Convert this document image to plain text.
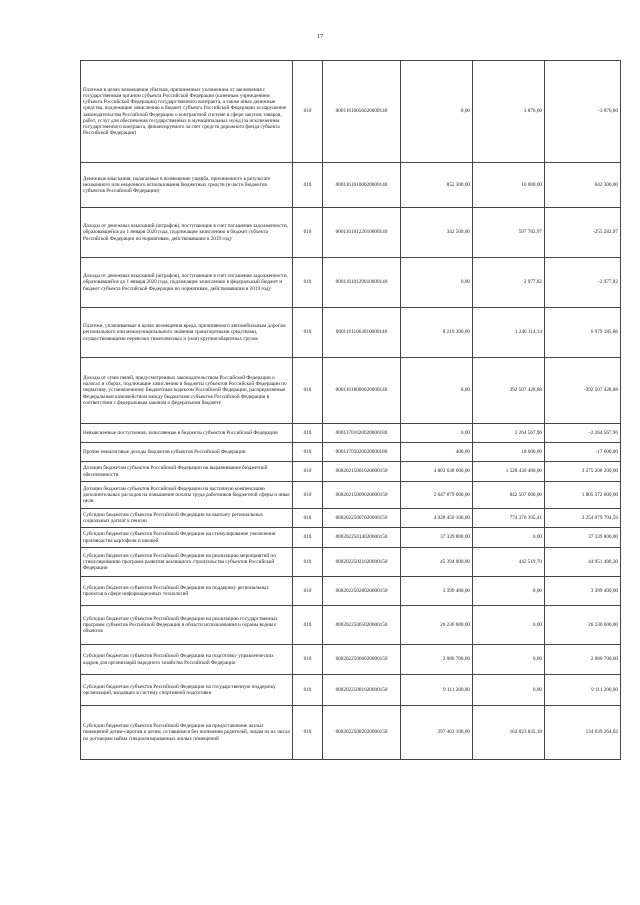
17
Платежи в целях возмещения убытков, причиненных уклонением от заключения с государственным органом субъекта Российской Федерации (казенным учреждением субъекта Российской Федерации) государственного контракта, а также иные денежные средства, подлежащие зачислению в бюджет субъекта Российской Федерации за нарушение законодательства Российской Федерации о контрактной системе в сфере закупок товаров, работ, услуг для обеспечения государственных и муниципальных нужд (за исключением государственного контракта, финансируемого за счет средств дорожного фонда субъекта Российской Федерации)	010	00011610056020000140	0,00	3 876,60	-3 876,60
Денежные взыскания, налагаемые в возмещение ущерба, причиненного в результате незаконного или нецелевого использования бюджетных средств (в части бюджетов субъектов Российской Федерации)	010	00011610100020000140	852 300,00	10 000,00	842 300,00
Доходы от денежных взысканий (штрафов), поступающие в счет погашения задолженности, образовавшейся до 1 января 2020 года, подлежащие зачислению в бюджет субъекта Российской Федерации по нормативам, действовавшим в 2019 году	010	00011610122010000140	342 500,00	597 782,97	-255 282,97
Доходы от денежных взысканий (штрафов), поступающие в счет погашения задолженности, образовавшейся до 1 января 2020 года, подлежащие зачислению в федеральный бюджет и бюджет субъекта Российской Федерации по нормативам, действовавшим в 2019 году	010	00011610129010000140	0,00	2 977,82	-2 977,82
Платежи, уплачиваемые в целях возмещения вреда, причиняемого автомобильным дорогам регионального или межмуниципального значения транспортными средствами, осуществляющими перевозки тяжеловесных и (или) крупногабаритных грузов	010	00011611063010000140	8 219 300,00	1 240 114,14	6 979 185,86
Доходы от сумм пеней, предусмотренных законодательством Российской Федерации о налогах и сборах, подлежащие зачислению в бюджеты субъектов Российской Федерации по нормативу, установленному Бюджетным кодексом Российской Федерации, распределяемые Федеральным казначейством между бюджетами субъектов Российской Федерации в соответствии с федеральным законом о федеральном бюджете	010	00011618000020000140	0,00	392 507 428,88	-392 507 428,88
Невыясненные поступления, зачисляемые в бюджеты субъектов Российской Федерации	010	00011701020020000180	0,00	2 264 567,96	-2 264 567,96
Прочие неналоговые доходы бюджетов субъектов Российской Федерации	010	00011705020020000180	400,00	18 000,00	-17 600,00
Дотации бюджетам субъектов Российской Федерации на выравнивание бюджетной обеспеченности	010	00020215001020000150	4 803 638 600,00	1 528 430 400,00	3 275 208 200,00
Дотации бюджетам субъектов Российской Федерации на частичную компенсацию дополнительных расходов на повышение оплаты труда работников бюджетной сферы и иные цели	010	00020215009020000150	2 647 879 000,00	842 507 000,00	1 805 372 000,00
Субсидии бюджетам субъектов Российской Федерации на выплату региональных социальных доплат к пенсии	010	00020225007020000150	4 028 450 100,00	774 370 395,41	3 254 079 704,59
Субсидии бюджетам субъектов Российской Федерации на стимулирование увеличения производства картофеля и овощей	010	00020225014020000150	37 339 800,00	0,00	37 339 800,00
Субсидии бюджетам субъектов Российской Федерации на реализацию мероприятий по стимулированию программ развития жилищного строительства субъектов Российской Федерации	010	00020225021020000150	45 394 000,00	442 519,70	44 951 480,30
Субсидии бюджетам субъектов Российской Федерации на поддержку региональных проектов в сфере информационных технологий	010	00020225028020000150	3 399 400,00	0,00	3 399 400,00
Субсидии бюджетам субъектов Российской Федерации на реализацию государственных программ субъектов Российской Федерации в области использования и охраны водных объектов	010	00020225065020000150	26 230 600,00	0,00	26 230 600,00
Субсидии бюджетам субъектов Российской Федерации на подготовку управленческих кадров для организаций народного хозяйства Российской Федерации	010	00020225066020000150	2 080 700,00	0,00	2 080 700,00
Субсидии бюджетам субъектов Российской Федерации на государственную поддержку организаций, входящих в систему спортивной подготовки	010	00020225081020000150	9 111 200,00	0,00	9 111 200,00
Субсидии бюджетам субъектов Российской Федерации на предоставление жилых помещений детям-сиротам и детям, оставшимся без попечения родителей, лицам из их числа по договорам найма специализированных жилых помещений	010	00020225082020000150	297 463 100,00	162 823 835,18	134 639 264,82
